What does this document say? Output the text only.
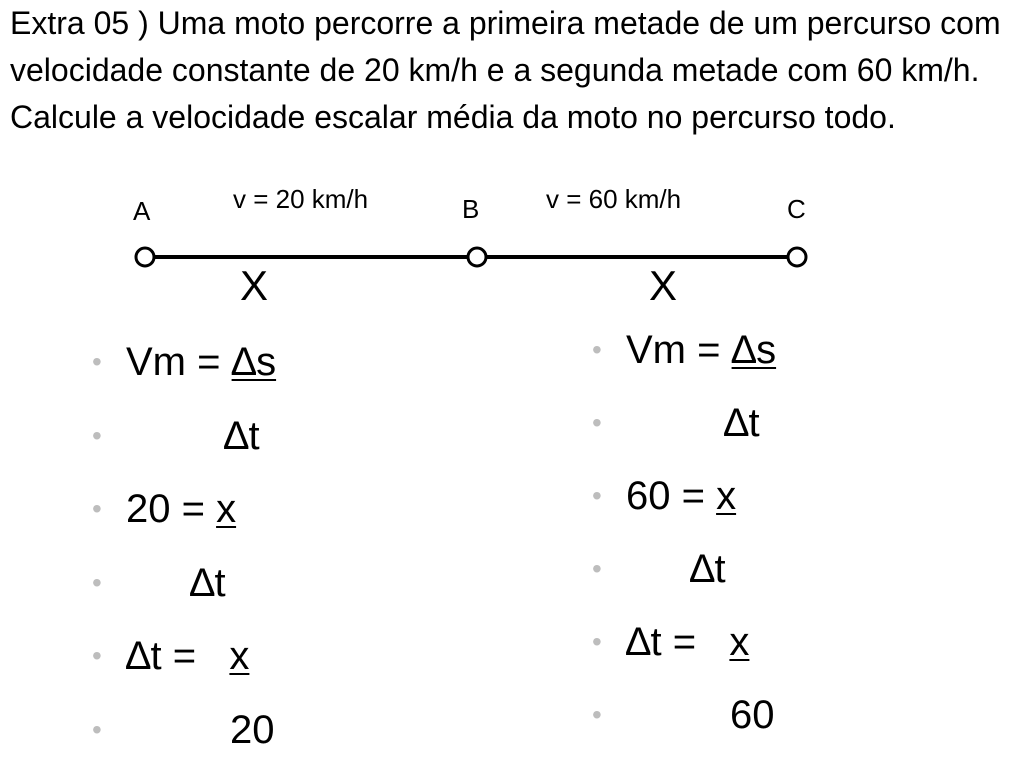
Extra 05 ) Uma moto percorre a primeira metade de um percurso com velocidade constante de 20 km/h e a segunda metade com 60 km/h. Calcule a velocidade escalar média da moto no percurso todo.

A	B	C
v = 20 km/h	v = 60 km/h
X	X
• Vm = ∆s
•	∆t
• 20 = x
• ∆t
• ∆t =   x
•	20
• Vm = ∆s
•	∆t
• 60 = x
• ∆t
• ∆t =   x
•	60
